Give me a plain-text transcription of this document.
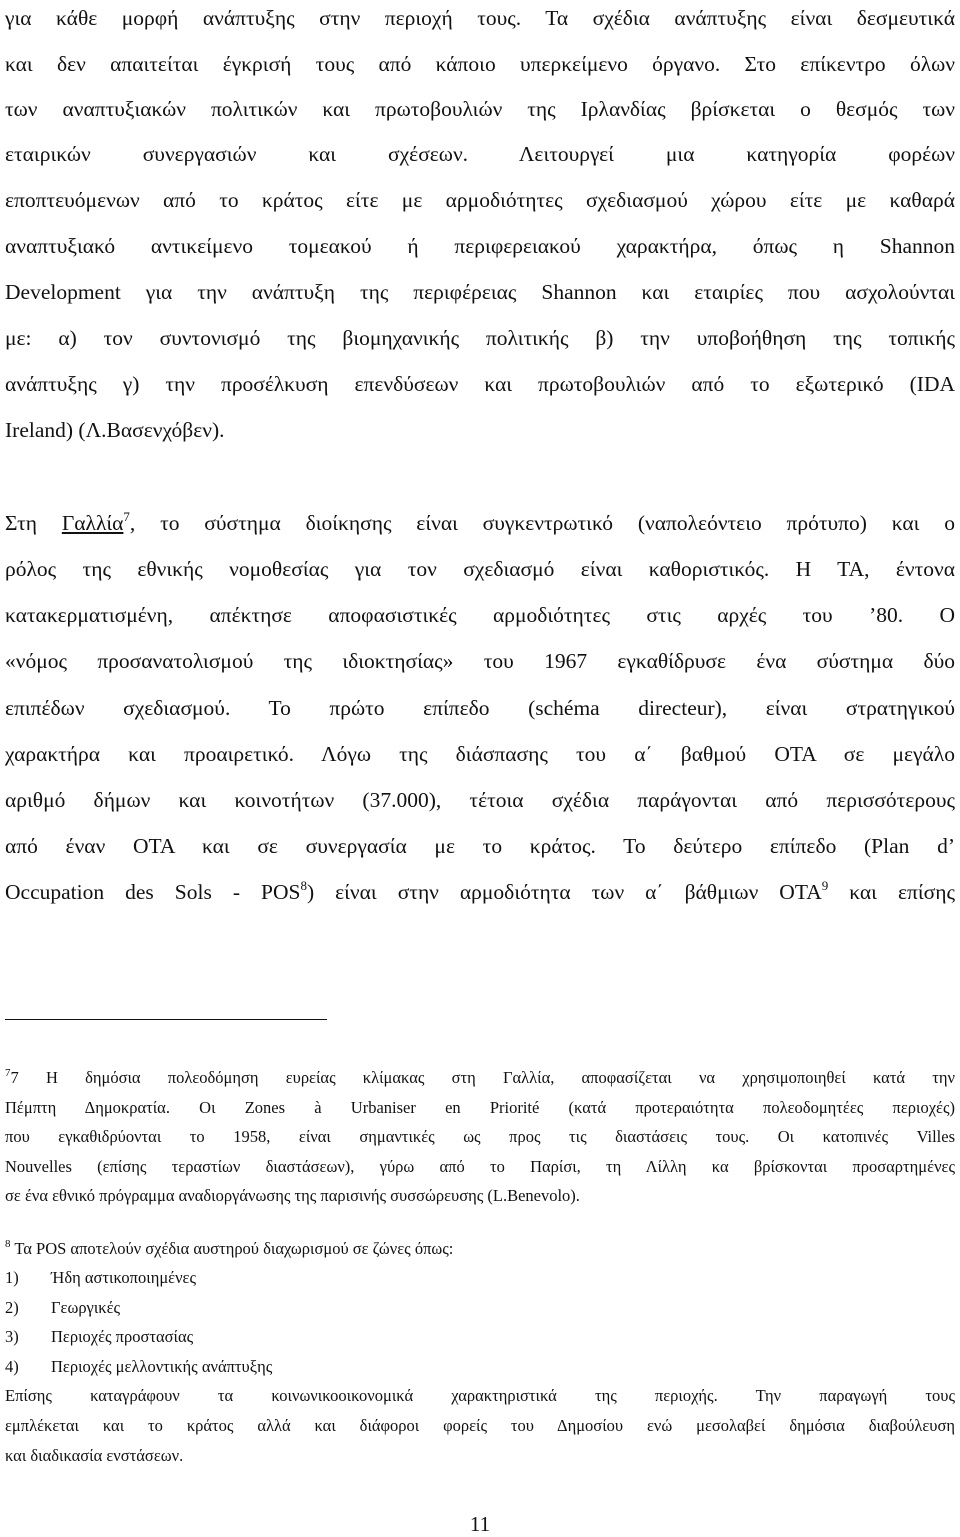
για κάθε μορφή ανάπτυξης στην περιοχή τους. Τα σχέδια ανάπτυξης είναι δεσμευτικά
και δεν απαιτείται έγκρισή τους από κάποιο υπερκείμενο όργανο. Στο επίκεντρο όλων
των αναπτυξιακών πολιτικών και πρωτοβουλιών της Ιρλανδίας βρίσκεται ο θεσμός των
εταιρικών συνεργασιών και σχέσεων. Λειτουργεί μια κατηγορία φορέων
εποπτευόμενων από το κράτος είτε με αρμοδιότητες σχεδιασμού χώρου είτε με καθαρά
αναπτυξιακό αντικείμενο τομεακού ή περιφερειακού χαρακτήρα, όπως η Shannon
Development για την ανάπτυξη της περιφέρειας Shannon και εταιρίες που ασχολούνται
με: α) τον συντονισμό της βιομηχανικής πολιτικής β) την υποβοήθηση της τοπικής
ανάπτυξης γ) την προσέλκυση επενδύσεων και πρωτοβουλιών από το εξωτερικό (IDA
Ireland) (Λ.Βασενχόβεν).
Στη Γαλλία$^7$, το σύστημα διοίκησης είναι συγκεντρωτικό (ναπολεόντειο πρότυπο) και ο
ρόλος της εθνικής νομοθεσίας για τον σχεδιασμό είναι καθοριστικός. Η ΤΑ, έντονα
κατακερματισμένη, απέκτησε αποφασιστικές αρμοδιότητες στις αρχές του ’80. Ο
«νόμος προσανατολισμού της ιδιοκτησίας» του 1967 εγκαθίδρυσε ένα σύστημα δύο
επιπέδων σχεδιασμού. Το πρώτο επίπεδο (schéma directeur), είναι στρατηγικού
χαρακτήρα και προαιρετικό. Λόγω της διάσπασης του α΄ βαθμού ΟΤΑ σε μεγάλο
αριθμό δήμων και κοινοτήτων (37.000), τέτοια σχέδια παράγονται από περισσότερους
από έναν ΟΤΑ και σε συνεργασία με το κράτος. Το δεύτερο επίπεδο (Plan d’
Occupation des Sols - POS$^8$) είναι στην αρμοδιότητα των α΄ βάθμιων ΟΤΑ$^9$ και επίσης
$^7$7 Η δημόσια πολεοδόμηση ευρείας κλίμακας στη Γαλλία, αποφασίζεται να χρησιμοποιηθεί κατά την
Πέμπτη Δημοκρατία. Οι Zones à Urbaniser en Priorité (κατά προτεραιότητα πολεοδομητέες περιοχές)
που εγκαθιδρύονται το 1958, είναι σημαντικές ως προς τις διαστάσεις τους. Οι κατοπινές Villes
Nouvelles (επίσης τεραστίων διαστάσεων), γύρω από το Παρίσι, τη Λίλλη κα βρίσκονται προσαρτημένες
σε ένα εθνικό πρόγραμμα αναδιοργάνωσης της παρισινής συσσώρευσης (L.Benevolo).
$^8$ Τα POS αποτελούν σχέδια αυστηρού διαχωρισμού σε ζώνες όπως:
1) Ήδη αστικοποιημένες
2) Γεωργικές
3) Περιοχές προστασίας
4) Περιοχές μελλοντικής ανάπτυξης
Επίσης καταγράφουν τα κοινωνικοοικονομικά χαρακτηριστικά της περιοχής. Την παραγωγή τους
εμπλέκεται και το κράτος αλλά και διάφοροι φορείς του Δημοσίου ενώ μεσολαβεί δημόσια διαβούλευση
και διαδικασία ενστάσεων.
11
